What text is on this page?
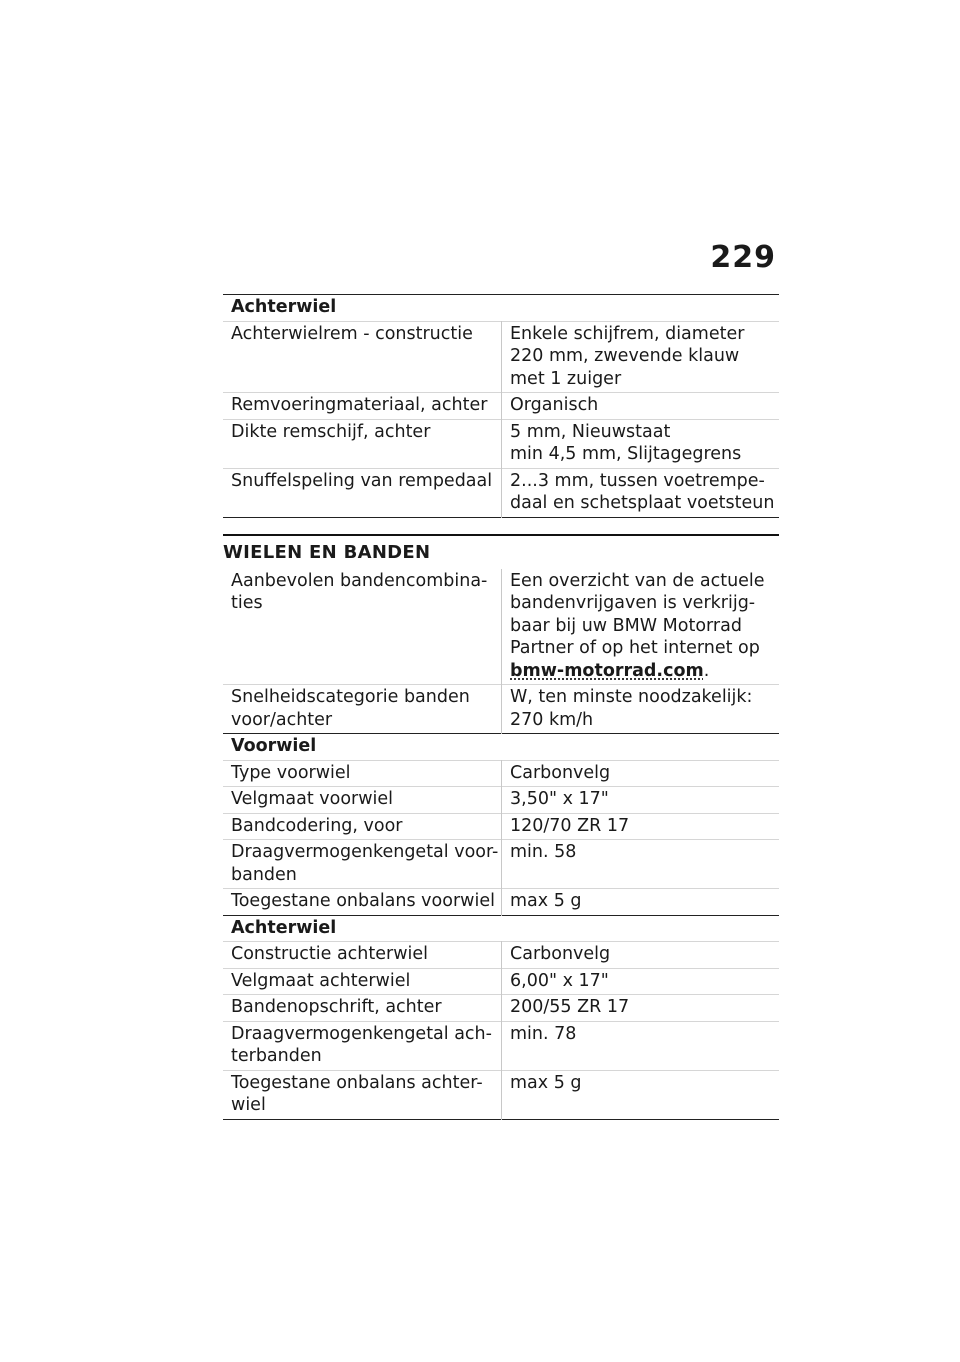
229
Achterwiel	
Achterwielrem - constructie	Enkele schijfrem, diameter 220 mm, zwevende klauw met 1 zuiger
Remvoeringmateriaal, achter	Organisch
Dikte remschijf, achter	5 mm, Nieuwstaat
min 4,5 mm, Slijtagegrens

Snuffelspeling van rempedaal	2...3 mm, tussen voetrempe-daal en schetsplaat voetsteun
WIELEN EN BANDEN
Aanbevolen bandencombina-ties	Een overzicht van de actuele bandenvrijgaven is verkrijg-baar bij uw BMW Motorrad Partner of op het internet op bmw-motorrad.com.
Snelheidscategorie banden voor/achter	W, ten minste noodzakelijk: 270 km/h
Voorwiel	
Type voorwiel	Carbonvelg
Velgmaat voorwiel	3,50" x 17"
Bandcodering, voor	120/70 ZR 17
Draagvermogenkengetal voor-banden	min. 58
Toegestane onbalans voorwiel	max 5 g
Achterwiel	
Constructie achterwiel	Carbonvelg
Velgmaat achterwiel	6,00" x 17"
Bandenopschrift, achter	200/55 ZR 17
Draagvermogenkengetal ach-terbanden	min. 78
Toegestane onbalans achter-wiel	max 5 g
